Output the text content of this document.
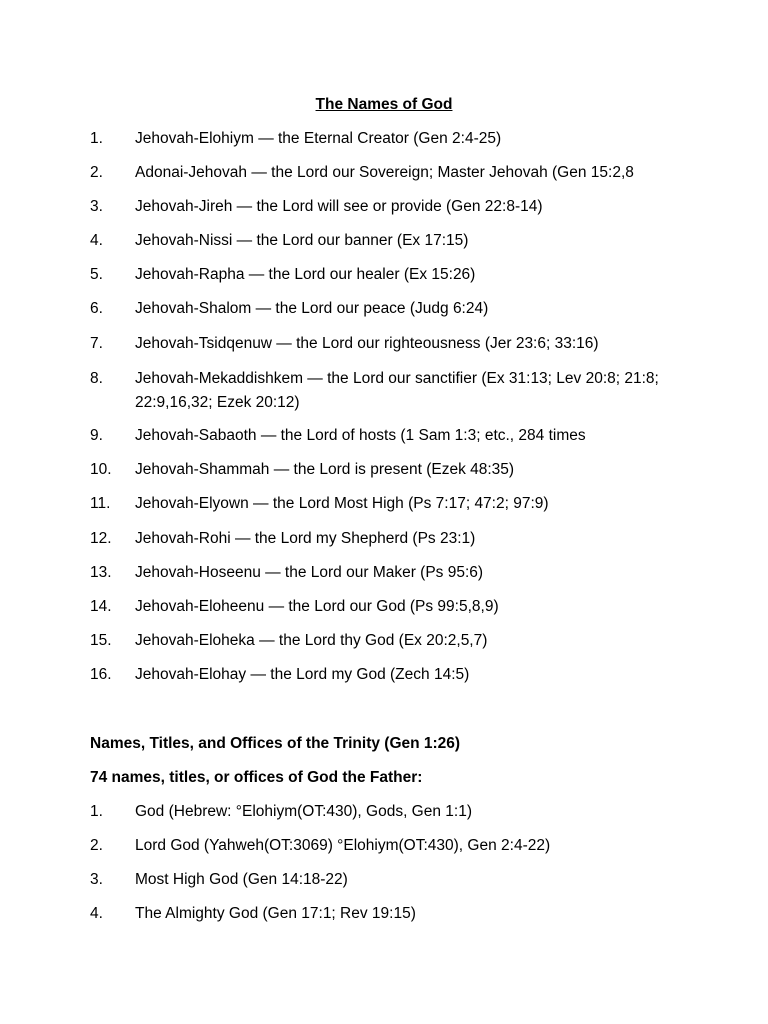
The Names of God
1.	Jehovah-Elohiym — the Eternal Creator (Gen 2:4-25)
2.	Adonai-Jehovah — the Lord our Sovereign; Master Jehovah (Gen 15:2,8
3.	Jehovah-Jireh — the Lord will see or provide (Gen 22:8-14)
4.	Jehovah-Nissi — the Lord our banner (Ex 17:15)
5.	Jehovah-Rapha — the Lord our healer (Ex 15:26)
6.	Jehovah-Shalom — the Lord our peace (Judg 6:24)
7.	Jehovah-Tsidqenuw — the Lord our righteousness (Jer 23:6; 33:16)
8.	Jehovah-Mekaddishkem — the Lord our sanctifier (Ex 31:13; Lev 20:8; 21:8; 22:9,16,32; Ezek 20:12)
9.	Jehovah-Sabaoth — the Lord of hosts (1 Sam 1:3; etc., 284 times
10.	Jehovah-Shammah — the Lord is present (Ezek 48:35)
11.	Jehovah-Elyown — the Lord Most High (Ps 7:17; 47:2; 97:9)
12.	Jehovah-Rohi — the Lord my Shepherd (Ps 23:1)
13.	Jehovah-Hoseenu — the Lord our Maker (Ps 95:6)
14.	Jehovah-Eloheenu — the Lord our God (Ps 99:5,8,9)
15.	Jehovah-Eloheka — the Lord thy God (Ex 20:2,5,7)
16.	Jehovah-Elohay — the Lord my God (Zech 14:5)
Names, Titles, and Offices of the Trinity (Gen 1:26)
74 names, titles, or offices of God the Father:
1.	God (Hebrew: °Elohiym(OT:430), Gods, Gen 1:1)
2.	Lord God (Yahweh(OT:3069) °Elohiym(OT:430), Gen 2:4-22)
3.	Most High God (Gen 14:18-22)
4.	The Almighty God (Gen 17:1; Rev 19:15)
